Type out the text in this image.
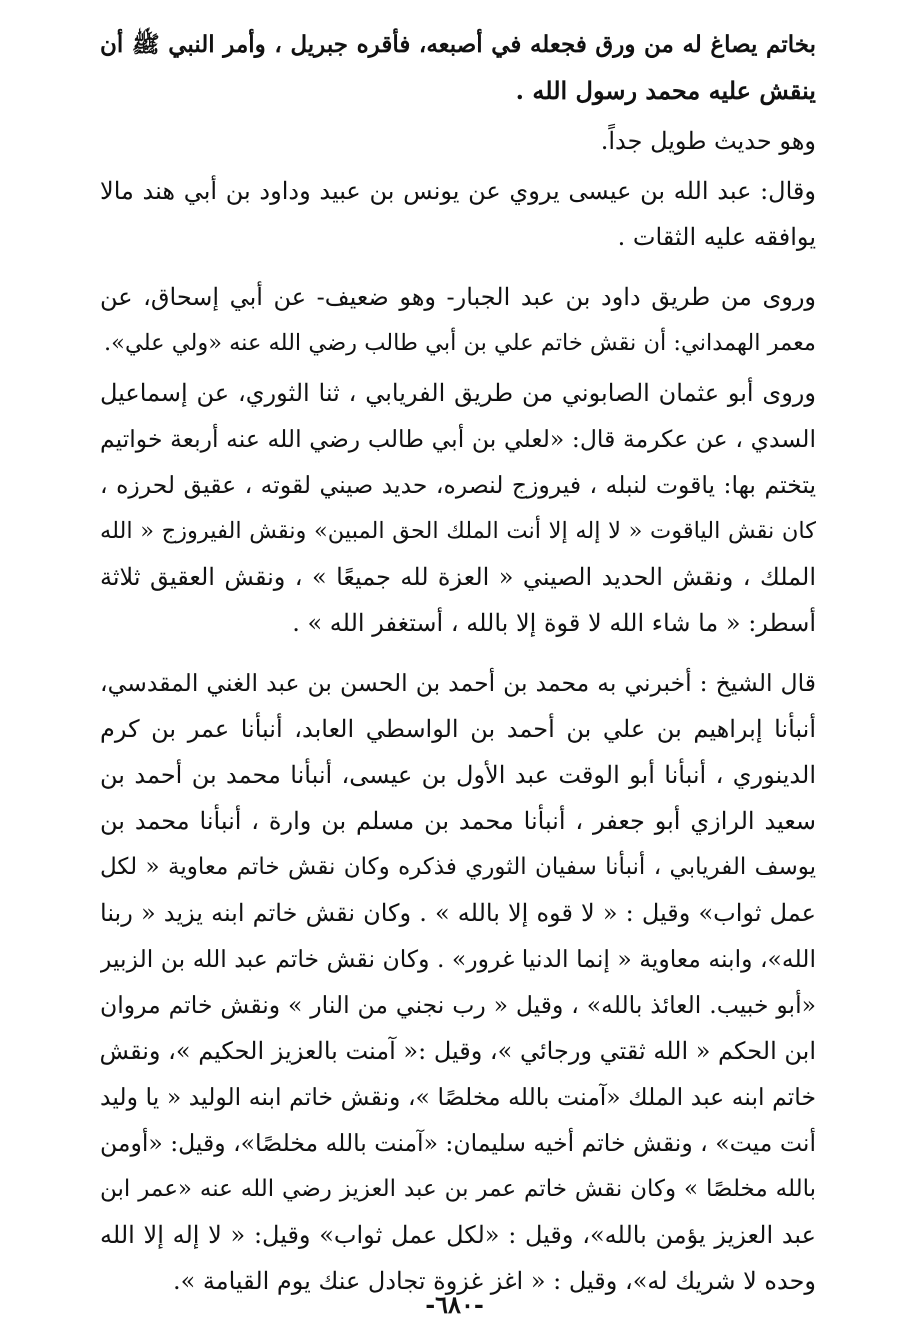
بخاتم يصاغ له من ورق فجعله في أصبعه، فأقره جبريل ، وأمر النبي ﷺ أن
ينقش عليه محمد رسول الله .
وهو حديث طويل جداً.
وقال: عبد الله بن عيسى يروي عن يونس بن عبيد وداود بن أبي هند مالا
يوافقه عليه الثقات .
وروى من طريق داود بن عبد الجبار- وهو ضعيف- عن أبي إسحاق، عن
معمر الهمداني: أن نقش خاتم علي بن أبي طالب رضي الله عنه «ولي علي».
وروى أبو عثمان الصابوني من طريق الفريابي ، ثنا الثوري، عن إسماعيل
السدي ، عن عكرمة قال: «لعلي بن أبي طالب رضي الله عنه أربعة خواتيم
يتختم بها: ياقوت لنبله ، فيروزج لنصره، حديد صيني لقوته ، عقيق لحرزه ،
كان نقش الياقوت « لا إله إلا أنت الملك الحق المبين» ونقش الفيروزج « الله
الملك ، ونقش الحديد الصيني « العزة لله جميعًا » ، ونقش العقيق ثلاثة
أسطر: « ما شاء الله لا قوة إلا بالله ، أستغفر الله » .
قال الشيخ : أخبرني به محمد بن أحمد بن الحسن بن عبد الغني المقدسي،
أنبأنا إبراهيم بن علي بن أحمد بن الواسطي العابد، أنبأنا عمر بن كرم
الدينوري ، أنبأنا أبو الوقت عبد الأول بن عيسى، أنبأنا محمد بن أحمد بن
سعيد الرازي أبو جعفر ، أنبأنا محمد بن مسلم بن وارة ، أنبأنا محمد بن
يوسف الفريابي ، أنبأنا سفيان الثوري فذكره وكان نقش خاتم معاوية « لكل
عمل ثواب» وقيل : « لا قوه إلا بالله » . وكان نقش خاتم ابنه يزيد « ربنا
الله»، وابنه معاوية « إنما الدنيا غرور» . وكان نقش خاتم عبد الله بن الزبير
«أبو خبيب. العائذ بالله» ، وقيل « رب نجني من النار » ونقش خاتم مروان
ابن الحكم « الله ثقتي ورجائي »، وقيل :« آمنت بالعزيز الحكيم »، ونقش
خاتم ابنه عبد الملك «آمنت بالله مخلصًا »، ونقش خاتم ابنه الوليد « يا وليد
أنت ميت» ، ونقش خاتم أخيه سليمان: «آمنت بالله مخلصًا»، وقيل: «أومن
بالله مخلصًا » وكان نقش خاتم عمر بن عبد العزيز رضي الله عنه «عمر ابن
عبد العزيز يؤمن بالله»، وقيل : «لكل عمل ثواب» وقيل: « لا إله إلا الله
وحده لا شريك له»، وقيل : « اغز غزوة تجادل عنك يوم القيامة ».
-٦٨٠-
